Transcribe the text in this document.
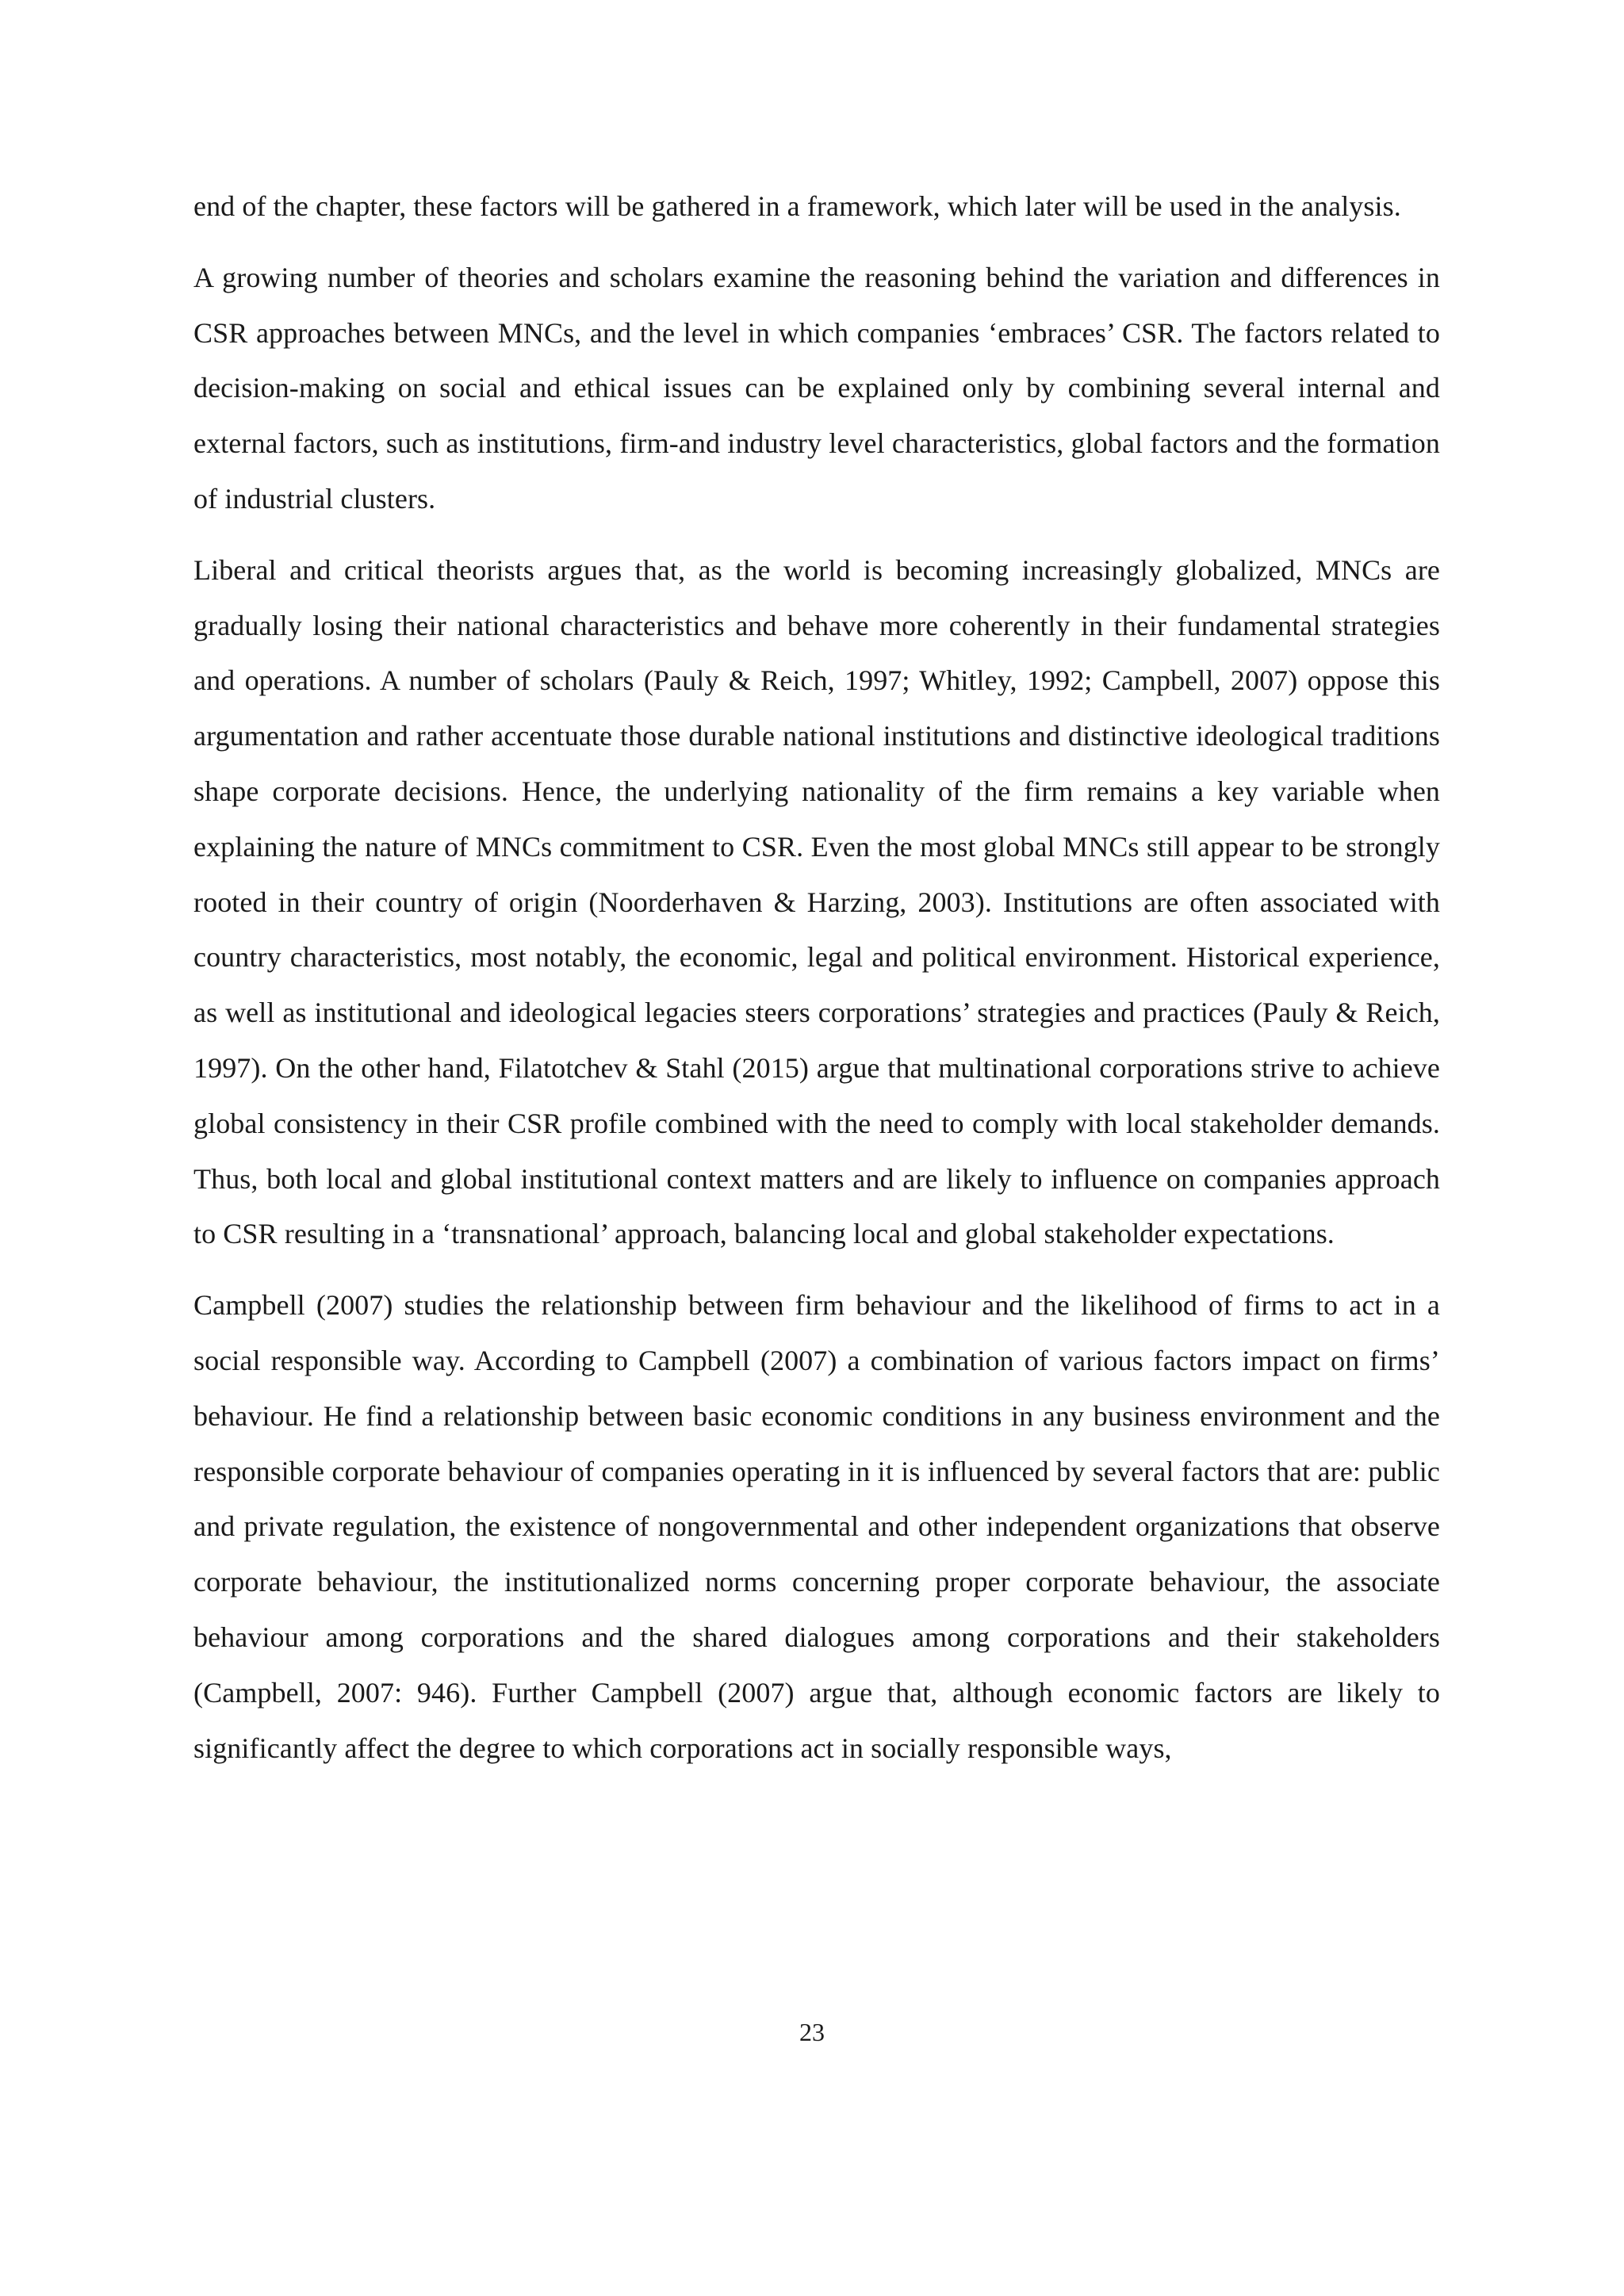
end of the chapter, these factors will be gathered in a framework, which later will be used in the analysis.

A growing number of theories and scholars examine the reasoning behind the variation and differences in CSR approaches between MNCs, and the level in which companies ‘embraces’ CSR. The factors related to decision-making on social and ethical issues can be explained only by combining several internal and external factors, such as institutions, firm-and industry level characteristics, global factors and the formation of industrial clusters.

Liberal and critical theorists argues that, as the world is becoming increasingly globalized, MNCs are gradually losing their national characteristics and behave more coherently in their fundamental strategies and operations. A number of scholars (Pauly & Reich, 1997; Whitley, 1992; Campbell, 2007) oppose this argumentation and rather accentuate those durable national institutions and distinctive ideological traditions shape corporate decisions. Hence, the underlying nationality of the firm remains a key variable when explaining the nature of MNCs commitment to CSR. Even the most global MNCs still appear to be strongly rooted in their country of origin (Noorderhaven & Harzing, 2003). Institutions are often associated with country characteristics, most notably, the economic, legal and political environment. Historical experience, as well as institutional and ideological legacies steers corporations’ strategies and practices (Pauly & Reich, 1997). On the other hand, Filatotchev & Stahl (2015) argue that multinational corporations strive to achieve global consistency in their CSR profile combined with the need to comply with local stakeholder demands. Thus, both local and global institutional context matters and are likely to influence on companies approach to CSR resulting in a ‘transnational’ approach, balancing local and global stakeholder expectations.

Campbell (2007) studies the relationship between firm behaviour and the likelihood of firms to act in a social responsible way. According to Campbell (2007) a combination of various factors impact on firms’ behaviour. He find a relationship between basic economic conditions in any business environment and the responsible corporate behaviour of companies operating in it is influenced by several factors that are: public and private regulation, the existence of nongovernmental and other independent organizations that observe corporate behaviour, the institutionalized norms concerning proper corporate behaviour, the associate behaviour among corporations and the shared dialogues among corporations and their stakeholders (Campbell, 2007: 946). Further Campbell (2007) argue that, although economic factors are likely to significantly affect the degree to which corporations act in socially responsible ways,

23
